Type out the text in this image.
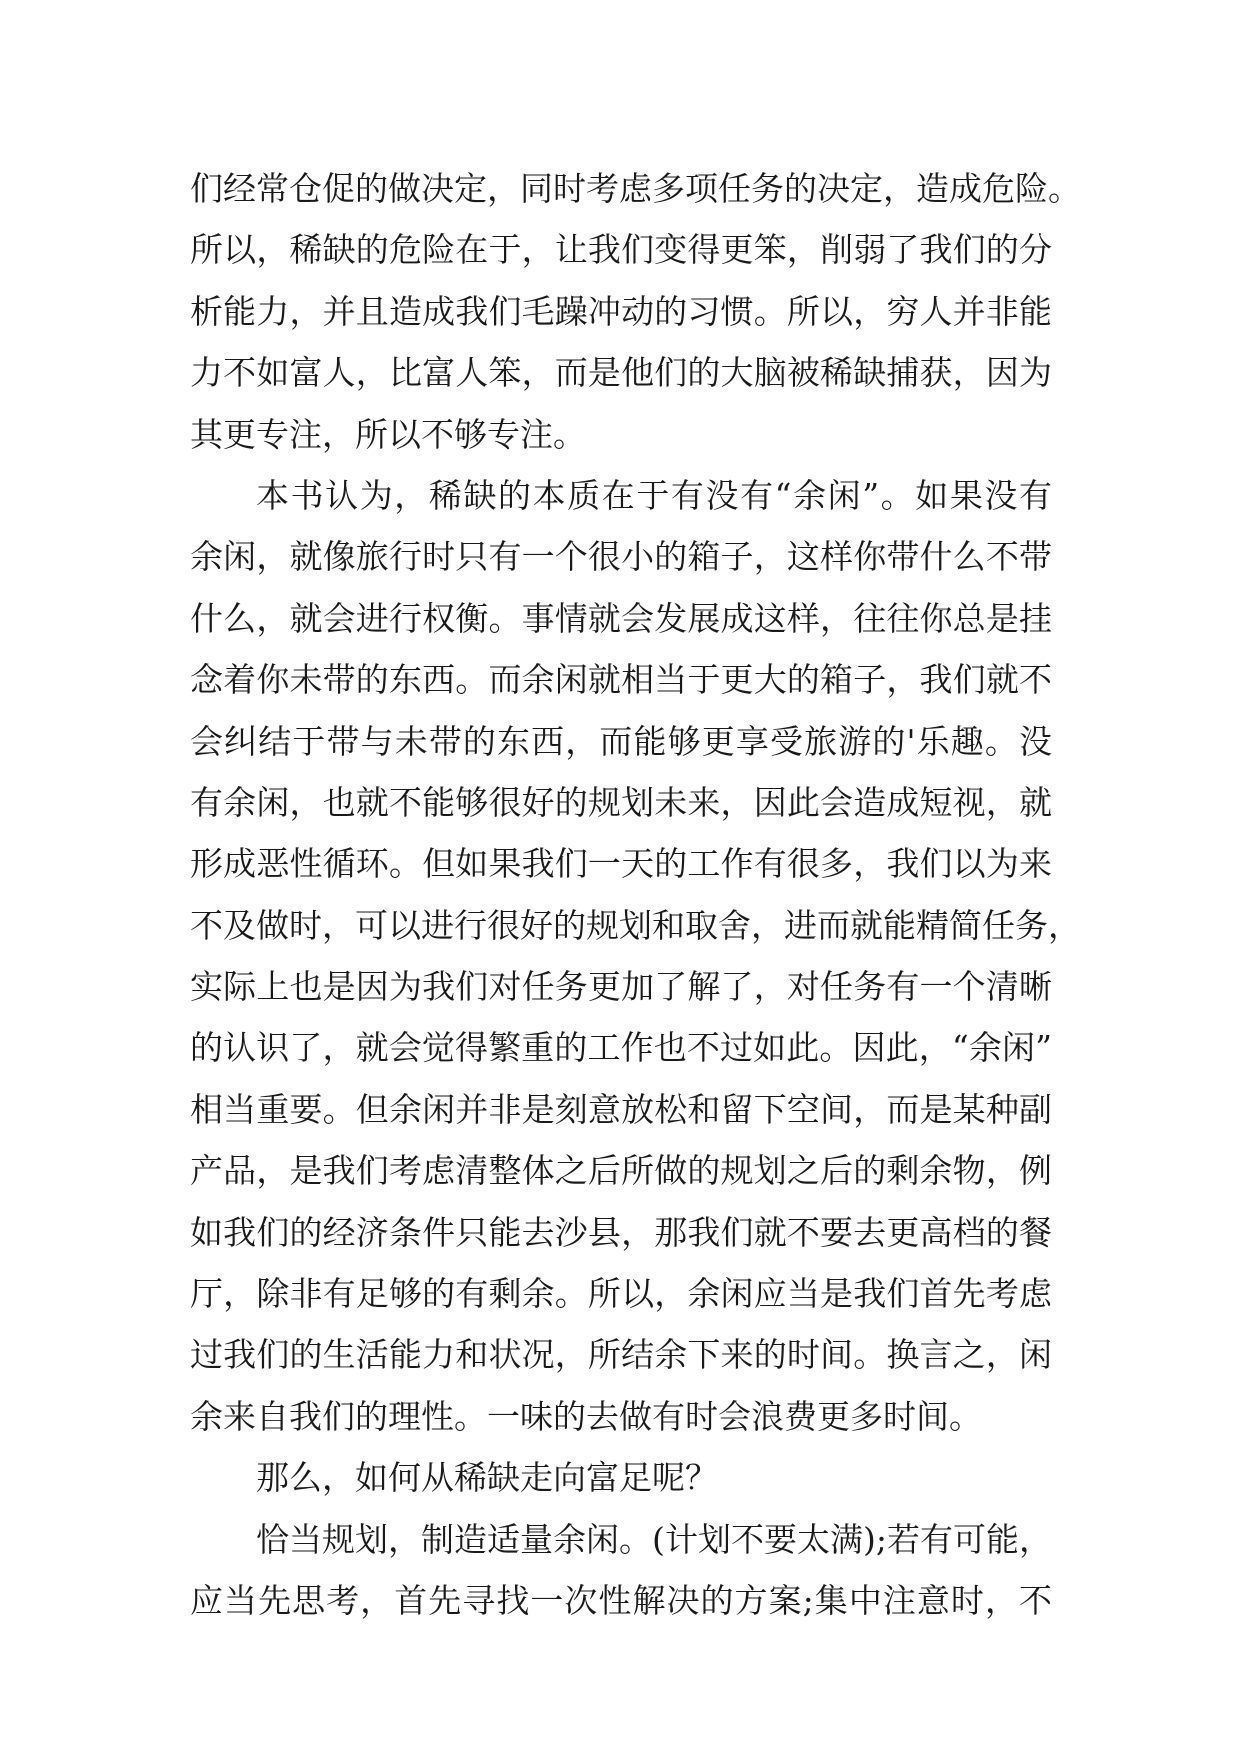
们经常仓促的做决定，同时考虑多项任务的决定，造成危险。
所以，稀缺的危险在于，让我们变得更笨，削弱了我们的分
析能力，并且造成我们毛躁冲动的习惯。所以，穷人并非能
力不如富人，比富人笨，而是他们的大脑被稀缺捕获，因为
其更专注，所以不够专注。
本书认为，稀缺的本质在于有没有“余闲”。如果没有
余闲，就像旅行时只有一个很小的箱子，这样你带什么不带
什么，就会进行权衡。事情就会发展成这样，往往你总是挂
念着你未带的东西。而余闲就相当于更大的箱子，我们就不
会纠结于带与未带的东西，而能够更享受旅游的'乐趣。没
有余闲，也就不能够很好的规划未来，因此会造成短视，就
形成恶性循环。但如果我们一天的工作有很多，我们以为来
不及做时，可以进行很好的规划和取舍，进而就能精简任务，
实际上也是因为我们对任务更加了解了，对任务有一个清晰
的认识了，就会觉得繁重的工作也不过如此。因此，“余闲”
相当重要。但余闲并非是刻意放松和留下空间，而是某种副
产品，是我们考虑清整体之后所做的规划之后的剩余物，例
如我们的经济条件只能去沙县，那我们就不要去更高档的餐
厅，除非有足够的有剩余。所以，余闲应当是我们首先考虑
过我们的生活能力和状况，所结余下来的时间。换言之，闲
余来自我们的理性。一味的去做有时会浪费更多时间。
那么，如何从稀缺走向富足呢？
恰当规划，制造适量余闲。(计划不要太满);若有可能，
应当先思考，首先寻找一次性解决的方案;集中注意时，不
